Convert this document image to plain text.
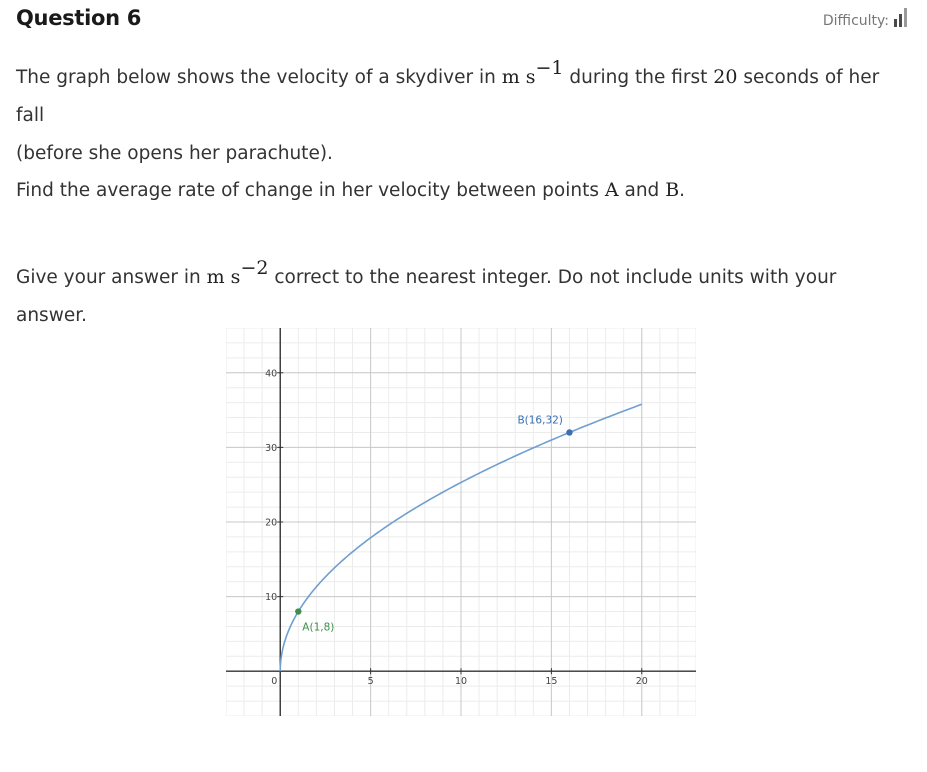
Question 6	Difficulty:
The graph below shows the velocity of a skydiver in m $s^{-1}$ during the first 20 seconds of her fall
(before she opens her parachute).
Find the average rate of change in her velocity between points A and B.
Give your answer in m $s^{-2}$ correct to the nearest integer. Do not include units with your answer.
0	5	10	15	20
10
20
30
40
A(1,8)
B(16,32)
